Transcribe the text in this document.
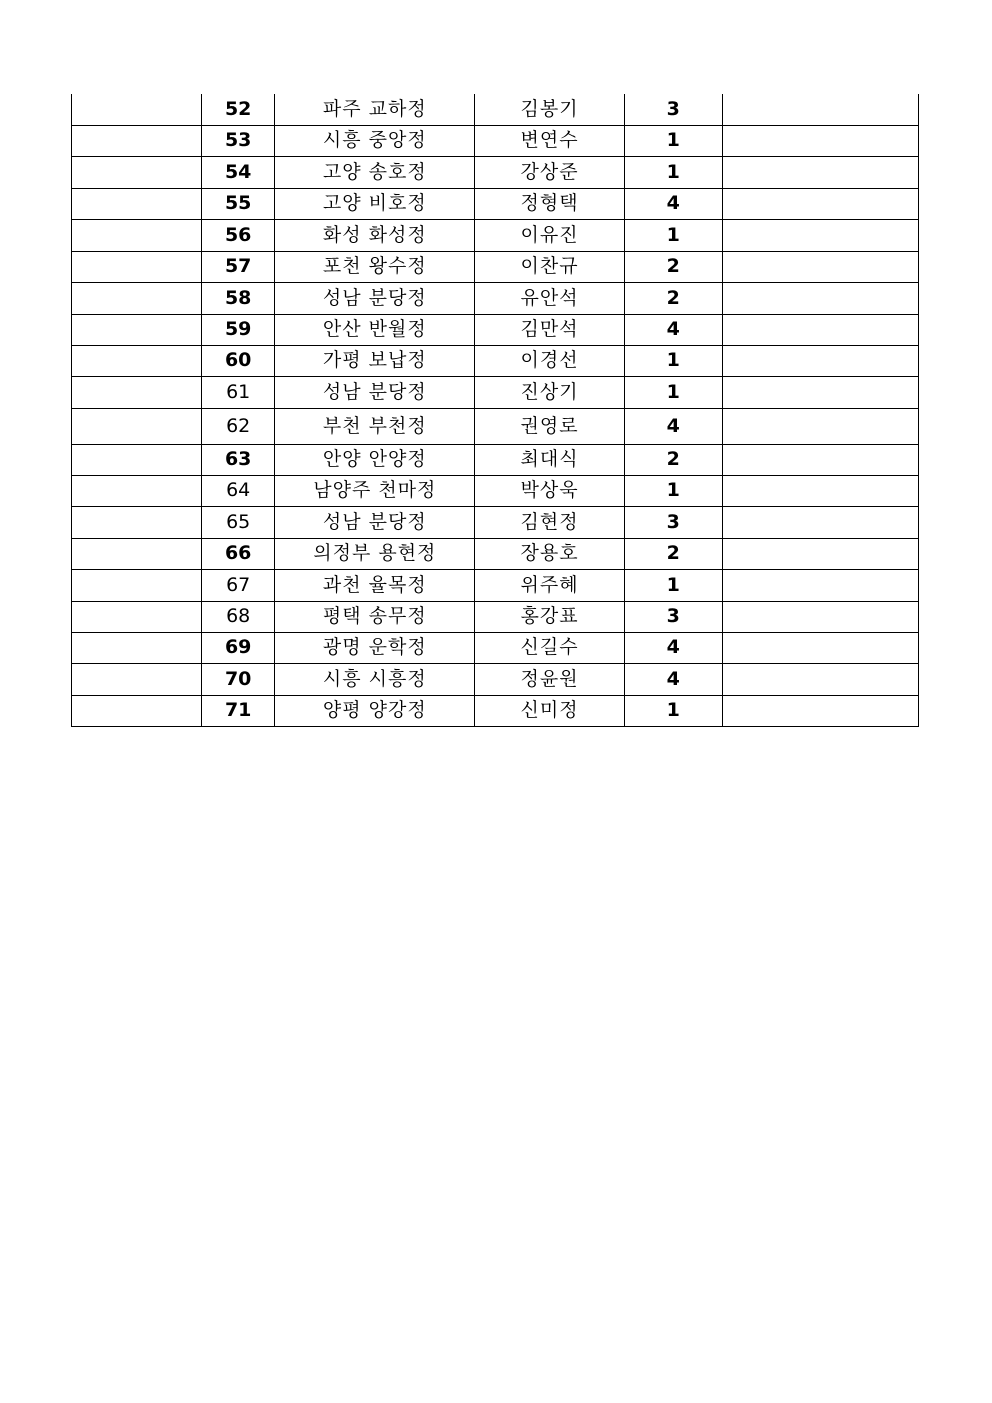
	52	파주 교하정	김봉기	3	
	53	시흥 중앙정	변연수	1	
	54	고양 송호정	강상준	1	
	55	고양 비호정	정형택	4	
	56	화성 화성정	이유진	1	
	57	포천 왕수정	이찬규	2	
	58	성남 분당정	유안석	2	
	59	안산 반월정	김만석	4	
	60	가평 보납정	이경선	1	
	61	성남 분당정	진상기	1	
	62	부천 부천정	권영로	4	
	63	안양 안양정	최대식	2	
	64	남양주 천마정	박상욱	1	
	65	성남 분당정	김현정	3	
	66	의정부 용현정	장용호	2	
	67	과천 율목정	위주혜	1	
	68	평택 송무정	홍강표	3	
	69	광명 운학정	신길수	4	
	70	시흥 시흥정	정윤원	4	
	71	양평 양강정	신미정	1	
